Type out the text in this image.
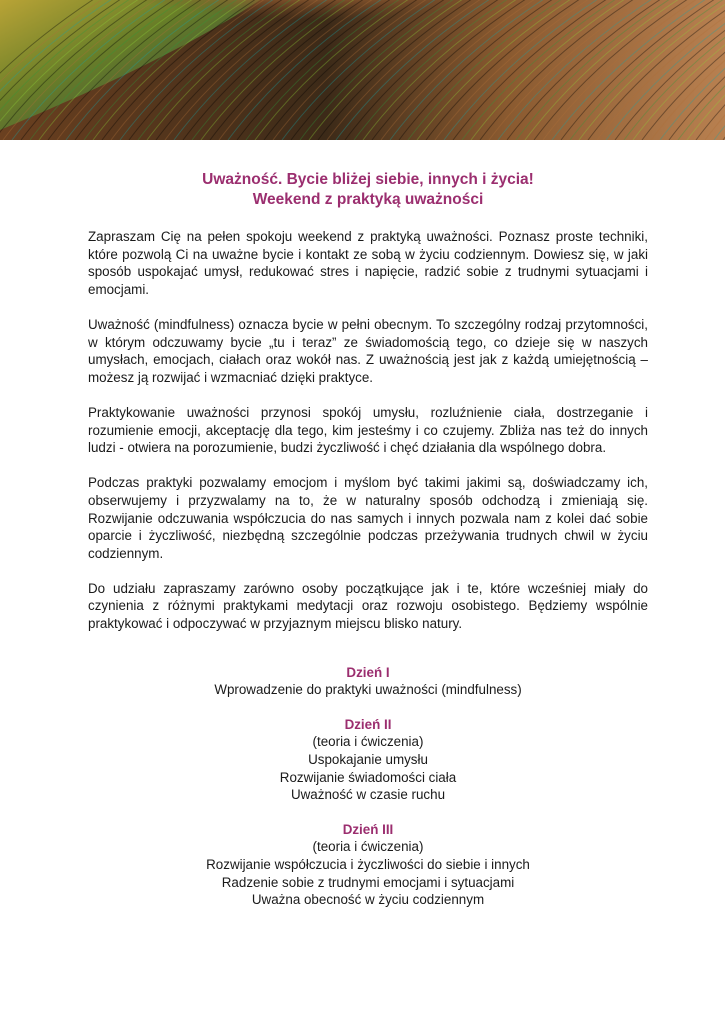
Uważność. Bycie bliżej siebie, innych i życia!
Weekend z praktyką uważności

Zapraszam Cię na pełen spokoju weekend z praktyką uważności. Poznasz proste techniki, które pozwolą Ci na uważne bycie i kontakt ze sobą w życiu codziennym. Dowiesz się, w jaki sposób uspokajać umysł, redukować stres i napięcie, radzić sobie z trudnymi sytuacjami i emocjami.

Uważność (mindfulness) oznacza bycie w pełni obecnym. To szczególny rodzaj przytomności, w którym odczuwamy bycie „tu i teraz” ze świadomością tego, co dzieje się w naszych umysłach, emocjach, ciałach oraz wokół nas. Z uważnością jest jak z każdą umiejętnością – możesz ją rozwijać i wzmacniać dzięki praktyce.

Praktykowanie uważności przynosi spokój umysłu, rozluźnienie ciała, dostrzeganie i rozumienie emocji, akceptację dla tego, kim jesteśmy i co czujemy. Zbliża nas też do innych ludzi - otwiera na porozumienie, budzi życzliwość i chęć działania dla wspólnego dobra.

Podczas praktyki pozwalamy emocjom i myślom być takimi jakimi są, doświadczamy ich, obserwujemy i przyzwalamy na to, że w naturalny sposób odchodzą i zmieniają się. Rozwijanie odczuwania współczucia do nas samych i innych pozwala nam z kolei dać sobie oparcie i życzliwość, niezbędną szczególnie podczas przeżywania trudnych chwil w życiu codziennym.

Do udziału zapraszamy zarówno osoby początkujące jak i te, które wcześniej miały do czynienia z różnymi praktykami medytacji oraz rozwoju osobistego. Będziemy wspólnie praktykować i odpoczywać w przyjaznym miejscu blisko natury.

Dzień I

Wprowadzenie do praktyki uważności (mindfulness)

Dzień II

(teoria i ćwiczenia)

Uspokajanie umysłu

Rozwijanie świadomości ciała

Uważność w czasie ruchu

Dzień III

(teoria i ćwiczenia)

Rozwijanie współczucia i życzliwości do siebie i innych

Radzenie sobie z trudnymi emocjami i sytuacjami

Uważna obecność w życiu codziennym
